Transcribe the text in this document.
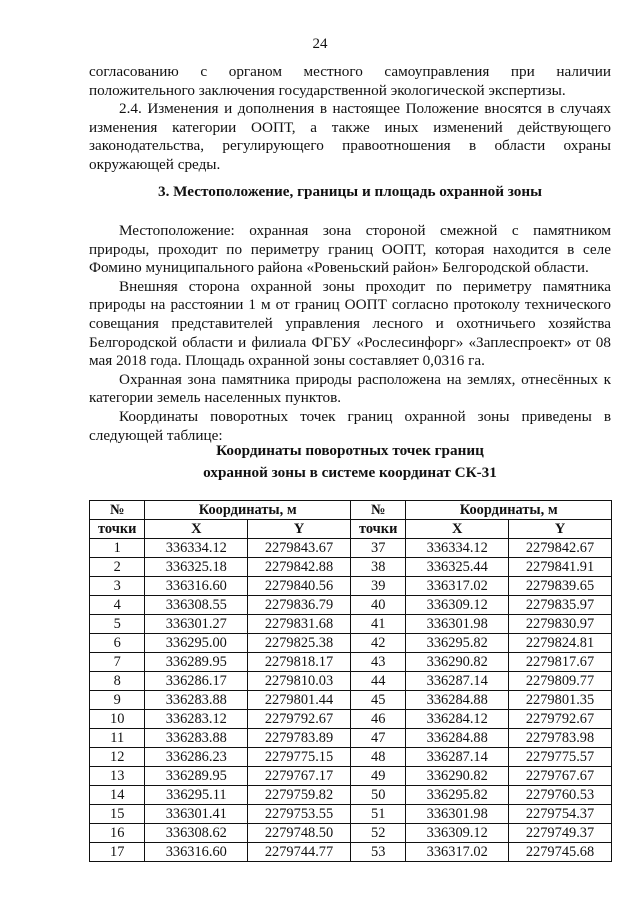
24

согласованию с органом местного самоуправления при наличии положительного заключения государственной экологической экспертизы.

2.4. Изменения и дополнения в настоящее Положение вносятся в случаях изменения категории ООПТ, а также иных изменений действующего законодательства, регулирующего правоотношения в области охраны окружающей среды.

3. Местоположение, границы и площадь охранной зоны

Местоположение: охранная зона стороной смежной с памятником природы, проходит по периметру границ ООПТ, которая находится в селе Фомино муниципального района «Ровеньский район» Белгородской области.

Внешняя сторона охранной зоны проходит по периметру памятника природы на расстоянии 1 м от границ ООПТ согласно протоколу технического совещания представителей управления лесного и охотничьего хозяйства Белгородской области и филиала ФГБУ «Рослесинфорг» «Заплеспроект» от 08 мая 2018 года. Площадь охранной зоны составляет 0,0316 га.

Охранная зона памятника природы расположена на землях, отнесённых к категории земель населенных пунктов.

Координаты поворотных точек границ охранной зоны приведены в следующей таблице:

Координаты поворотных точек границ
охранной зоны в системе координат СК-31
№	Координаты, м		№	Координаты, м	
точки	X	Y	точки	X	Y
1	336334.12	2279843.67	37	336334.12	2279842.67
2	336325.18	2279842.88	38	336325.44	2279841.91
3	336316.60	2279840.56	39	336317.02	2279839.65
4	336308.55	2279836.79	40	336309.12	2279835.97
5	336301.27	2279831.68	41	336301.98	2279830.97
6	336295.00	2279825.38	42	336295.82	2279824.81
7	336289.95	2279818.17	43	336290.82	2279817.67
8	336286.17	2279810.03	44	336287.14	2279809.77
9	336283.88	2279801.44	45	336284.88	2279801.35
10	336283.12	2279792.67	46	336284.12	2279792.67
11	336283.88	2279783.89	47	336284.88	2279783.98
12	336286.23	2279775.15	48	336287.14	2279775.57
13	336289.95	2279767.17	49	336290.82	2279767.67
14	336295.11	2279759.82	50	336295.82	2279760.53
15	336301.41	2279753.55	51	336301.98	2279754.37
16	336308.62	2279748.50	52	336309.12	2279749.37
17	336316.60	2279744.77	53	336317.02	2279745.68
